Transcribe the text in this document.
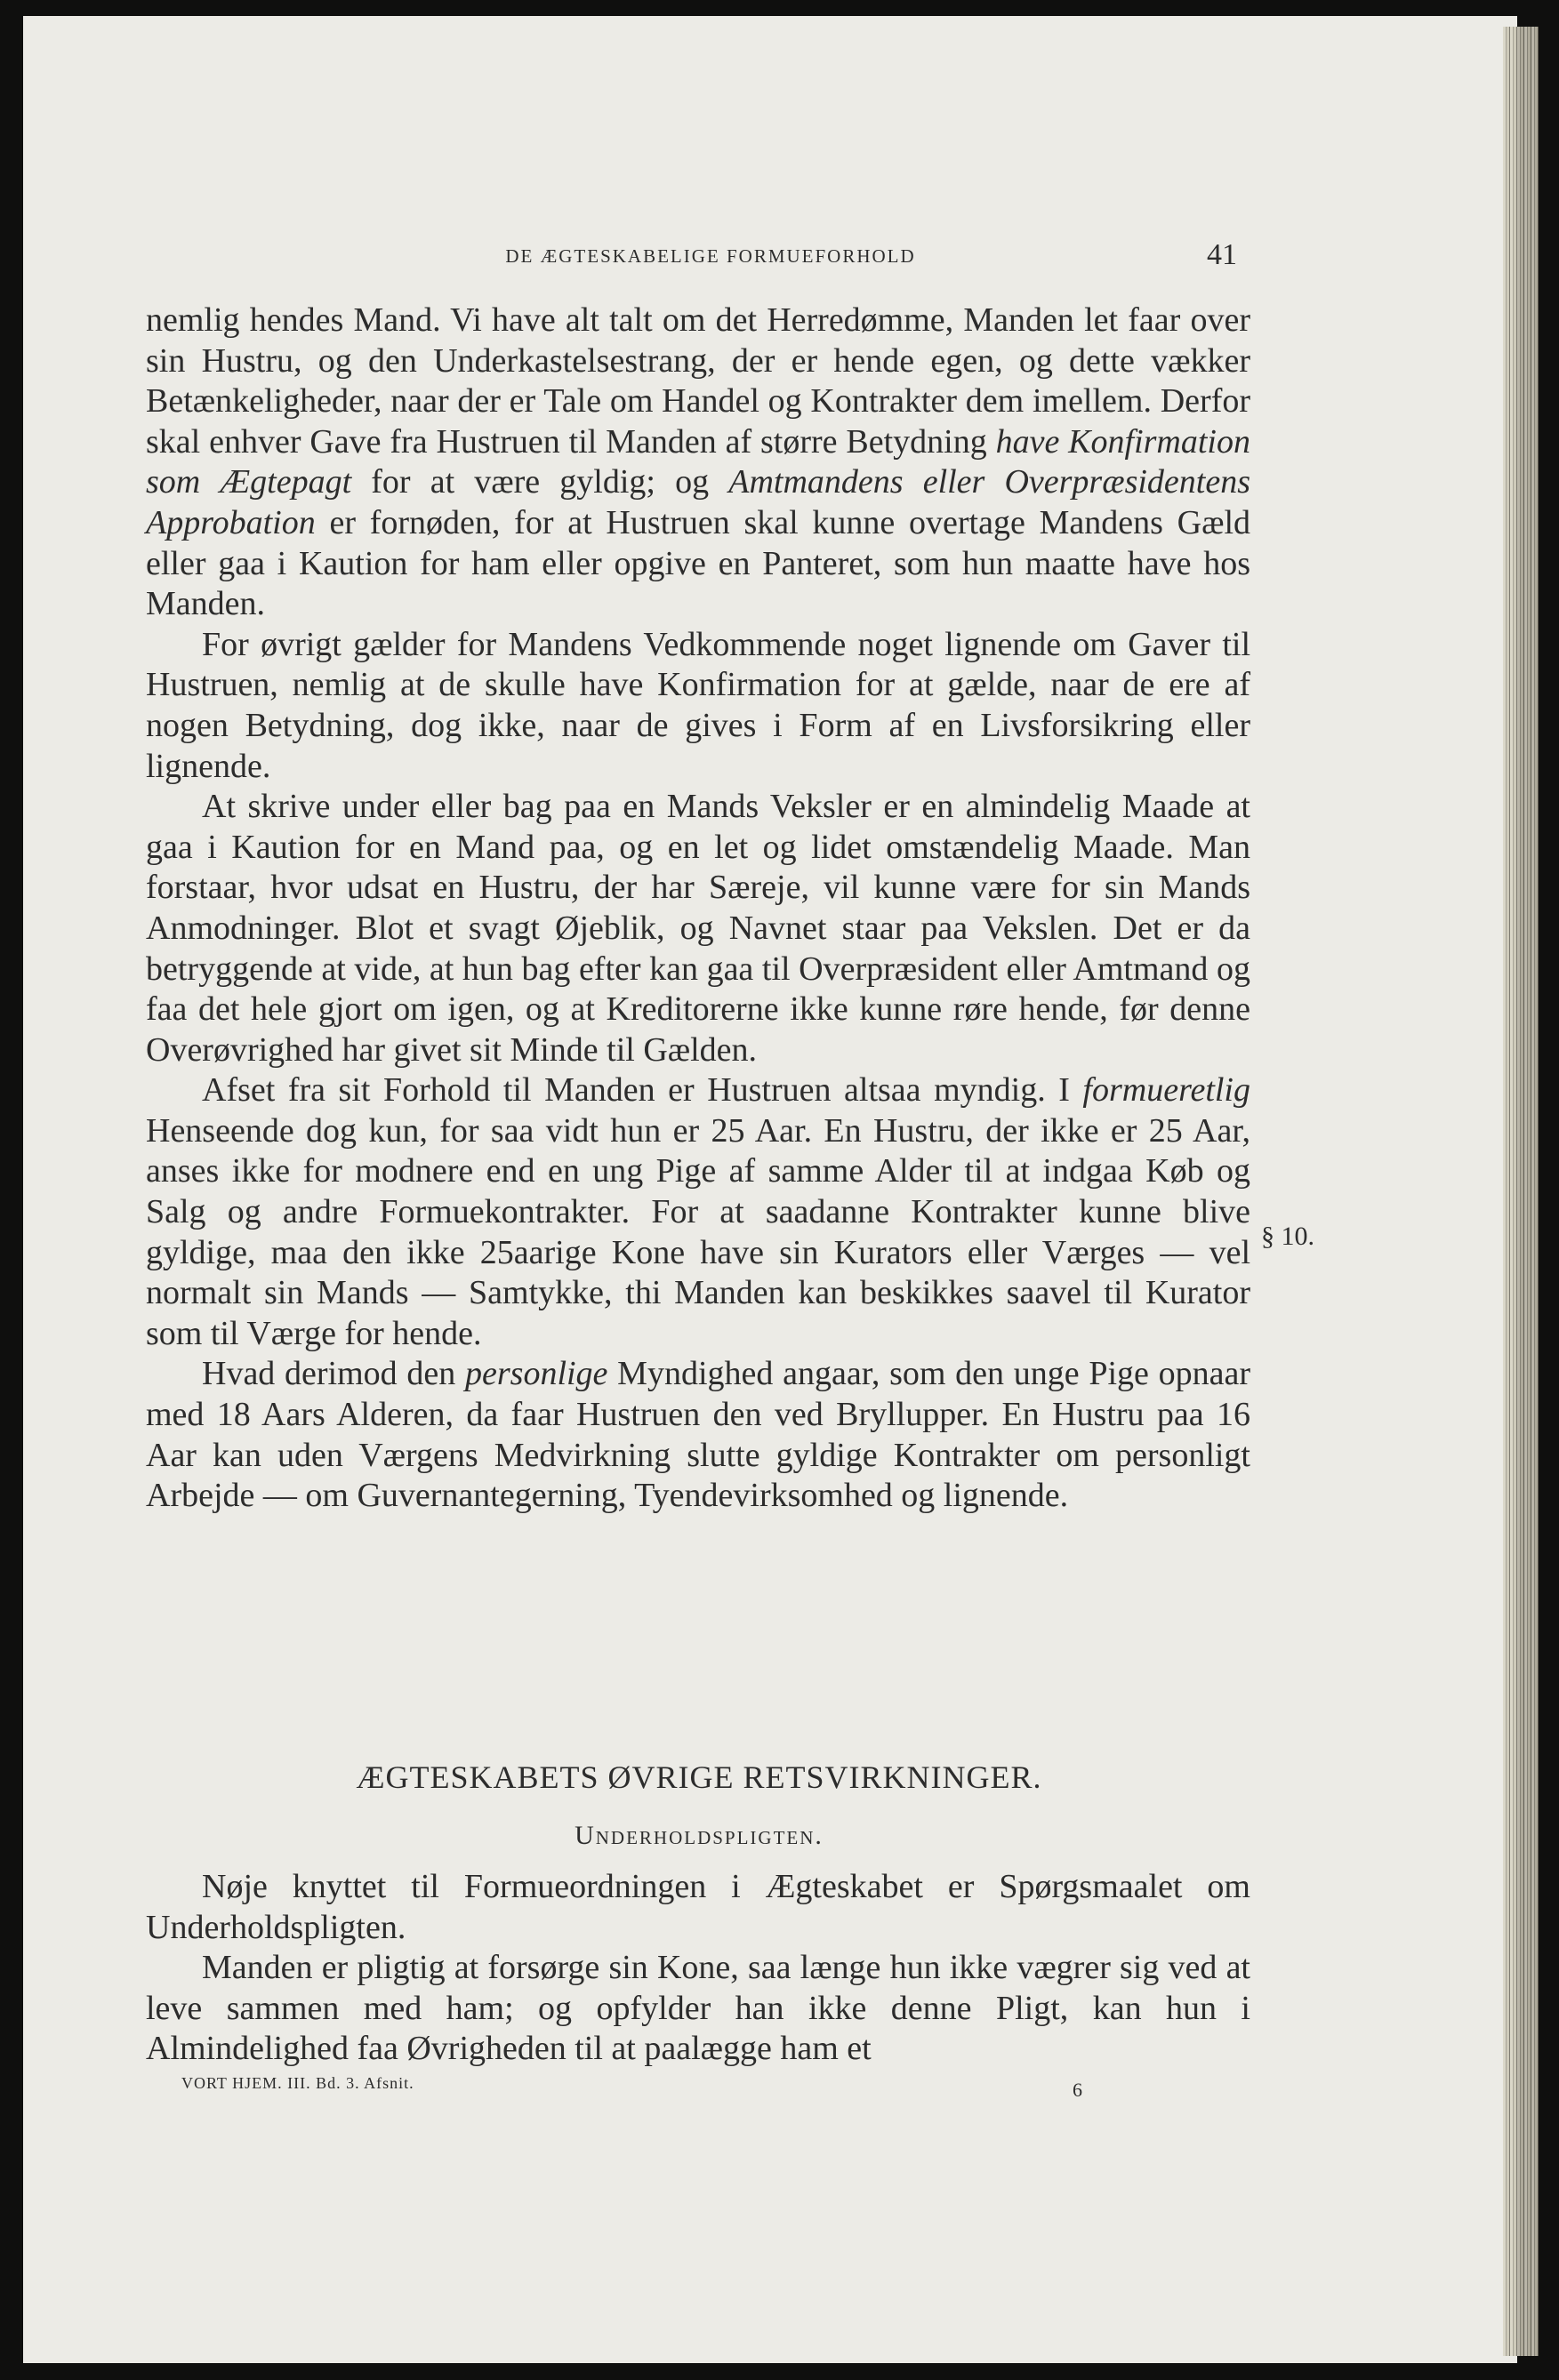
DE ÆGTESKABELIGE FORMUEFORHOLD	41

nemlig hendes Mand. Vi have alt talt om det Herredømme, Manden let faar over sin Hustru, og den Underkastelsestrang, der er hende egen, og dette vækker Betænkeligheder, naar der er Tale om Handel og Kontrakter dem imellem. Derfor skal enhver Gave fra Hustruen til Manden af større Betydning have Konfirmation som Ægtepagt for at være gyldig; og Amtmandens eller Overpræsidentens Approbation er fornøden, for at Hustruen skal kunne overtage Mandens Gæld eller gaa i Kaution for ham eller opgive en Panteret, som hun maatte have hos Manden.

For øvrigt gælder for Mandens Vedkommende noget lignende om Gaver til Hustruen, nemlig at de skulle have Konfirmation for at gælde, naar de ere af nogen Betydning, dog ikke, naar de gives i Form af en Livsforsikring eller lignende.

At skrive under eller bag paa en Mands Veksler er en almindelig Maade at gaa i Kaution for en Mand paa, og en let og lidet omstændelig Maade. Man forstaar, hvor udsat en Hustru, der har Særeje, vil kunne være for sin Mands Anmodninger. Blot et svagt Øjeblik, og Navnet staar paa Vekslen. Det er da betryggende at vide, at hun bag efter kan gaa til Overpræsident eller Amtmand og faa det hele gjort om igen, og at Kreditorerne ikke kunne røre hende, før denne Overøvrighed har givet sit Minde til Gælden.

Afset fra sit Forhold til Manden er Hustruen altsaa myndig. I formueretlig Henseende dog kun, for saa vidt hun er 25 Aar. En Hustru, der ikke er 25 Aar, anses ikke for modnere end en ung Pige af samme Alder til at indgaa Køb og Salg og andre Formuekontrakter. For at saadanne Kontrakter kunne blive gyldige, maa den ikke 25aarige Kone have sin Kurators eller Værges — vel normalt sin Mands — Samtykke, thi Manden kan beskikkes saavel til Kurator som til Værge for hende.

Hvad derimod den personlige Myndighed angaar, som den unge Pige opnaar med 18 Aars Alderen, da faar Hustruen den ved Bryllupper. En Hustru paa 16 Aar kan uden Værgens Medvirkning slutte gyldige Kontrakter om personligt Arbejde — om Guvernantegerning, Tyendevirksomhed og lignende.

§ 10.
ÆGTESKABETS ØVRIGE RETSVIRKNINGER.
Underholdspligten.

Nøje knyttet til Formueordningen i Ægteskabet er Spørgsmaalet om Underholdspligten.

Manden er pligtig at forsørge sin Kone, saa længe hun ikke vægrer sig ved at leve sammen med ham; og opfylder han ikke denne Pligt, kan hun i Almindelighed faa Øvrigheden til at paalægge ham et

VORT HJEM. III. Bd. 3. Afsnit.	6
